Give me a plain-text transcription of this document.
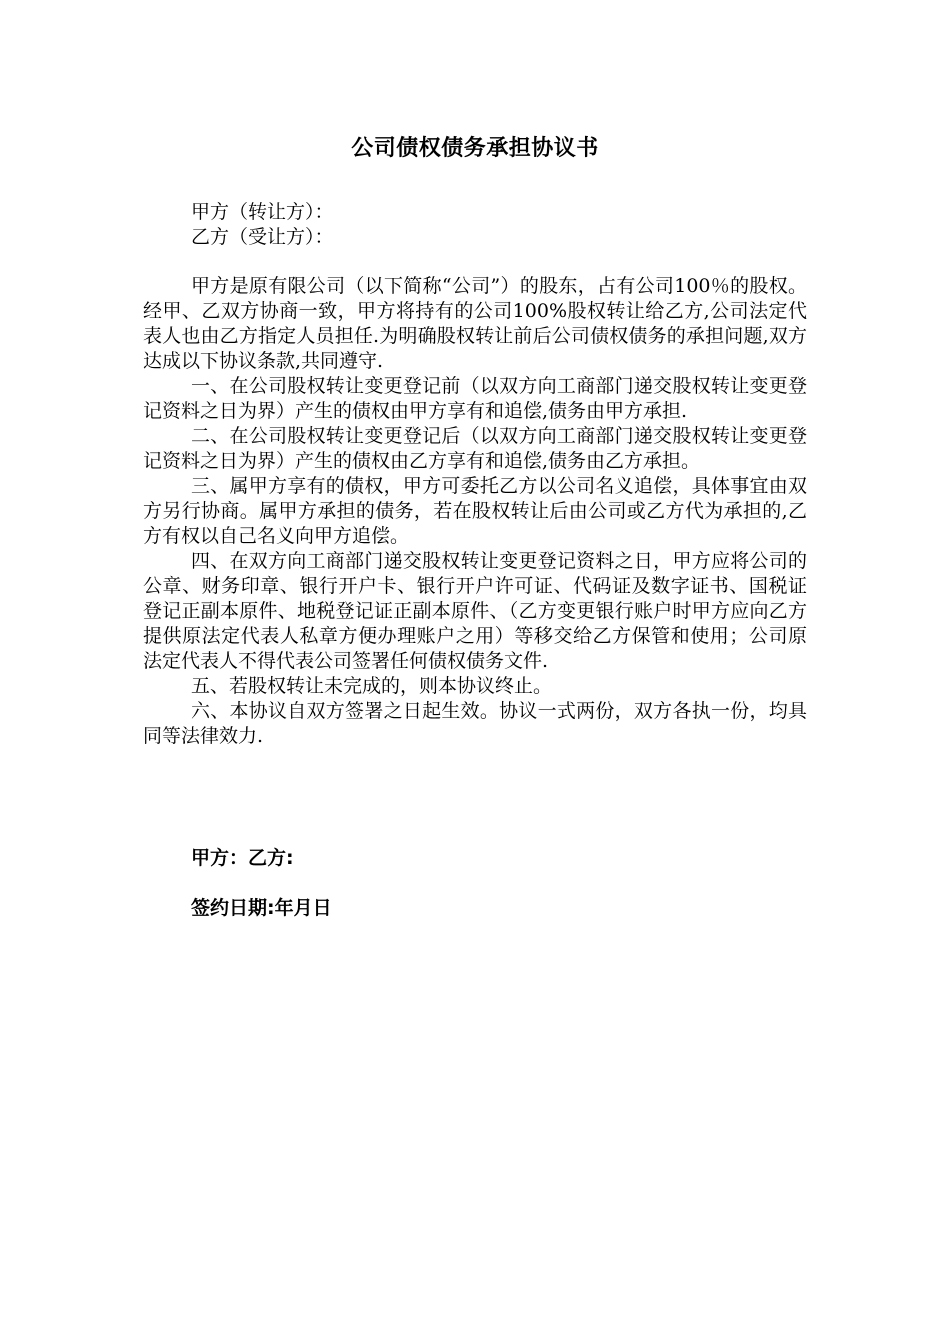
公司债权债务承担协议书
甲方（转让方）：
乙方（受让方）：

甲方是原有限公司（以下简称“公司”）的股东，占有公司100％的股权。经甲、乙双方协商一致，甲方将持有的公司100%股权转让给乙方,公司法定代表人也由乙方指定人员担任.为明确股权转让前后公司债权债务的承担问题,双方达成以下协议条款,共同遵守.

一、在公司股权转让变更登记前（以双方向工商部门递交股权转让变更登记资料之日为界）产生的债权由甲方享有和追偿,债务由甲方承担.

二、在公司股权转让变更登记后（以双方向工商部门递交股权转让变更登记资料之日为界）产生的债权由乙方享有和追偿,债务由乙方承担。

三、属甲方享有的债权，甲方可委托乙方以公司名义追偿，具体事宜由双方另行协商。属甲方承担的债务，若在股权转让后由公司或乙方代为承担的,乙方有权以自己名义向甲方追偿。

四、在双方向工商部门递交股权转让变更登记资料之日，甲方应将公司的公章、财务印章、银行开户卡、银行开户许可证、代码证及数字证书、国税证登记正副本原件、地税登记证正副本原件、（乙方变更银行账户时甲方应向乙方提供原法定代表人私章方便办理账户之用）等移交给乙方保管和使用；公司原法定代表人不得代表公司签署任何债权债务文件.

五、若股权转让未完成的，则本协议终止。

六、本协议自双方签署之日起生效。协议一式两份，双方各执一份，均具同等法律效力.

甲方：乙方:
签约日期:年月日
